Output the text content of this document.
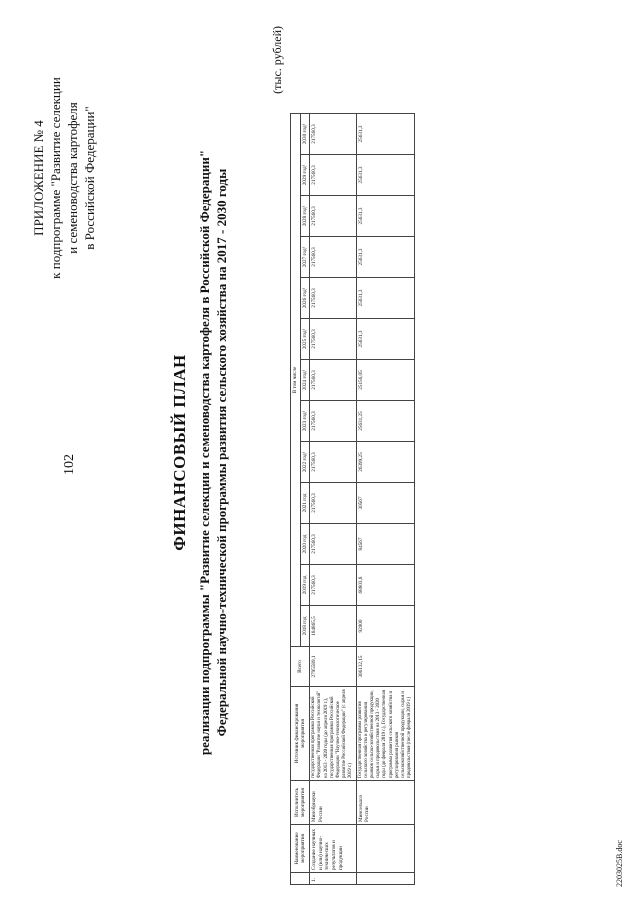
102
ПРИЛОЖЕНИЕ № 4 к подпрограмме "Развитие селекции и семеноводства картофеля в Российской Федерации"
ФИНАНСОВЫЙ ПЛАН реализации подпрограммы "Развитие селекции и семеноводства картофеля в Российской Федерации" Федеральной научно-технической программы развития сельского хозяйства на 2017 - 2030 годы
(тыс. рублей)
	Наименование мероприятия	Исполнитель мероприятия	Источник финансирования мероприятия	Всего	В том числе												
					2018 год	2019 год	2020 год	2021 год	2022 год¹	2023 год¹	2024 год¹	2025 год¹	2026 год¹	2027 год¹	2028 год¹	2029 год¹	2030 год¹
1.	Создание научных и (или) научно-технических результатов и продукции	Минобрнауки России	государственная программа Российской Федерации "Развитие науки и технологий" на 2013 - 2020 годы (до апреля 2019 г.), государственная программа Российской Федерации "Научно-технологическое развитие Российской Федерации" (с апреля 2019 г.)	2795589,1	184865,5	217560,3	217560,3	217560,3	217560,3	217560,3	217560,3	217560,3	217560,3	217560,3	217560,3	217560,3	217560,3
		Минсельхоз России	Государственная программа развития сельского хозяйства и регулирования рынков сельско-хозяйственной продукции, сырья и продовольствия на 2013 - 2020 годы (до февраля 2019 г.), Государственная программа развития сельского хозяйства и регулирования рынков сельскохозяйственной продукции, сырья и продовольствия (после февраля 2019 г.)	306132,15	92000	68803,8	84567	30567	26399,25	25631,25	25156,05	25631,3	25631,3	25631,3	25631,3	25631,3	25631,3
2203025В.doc
